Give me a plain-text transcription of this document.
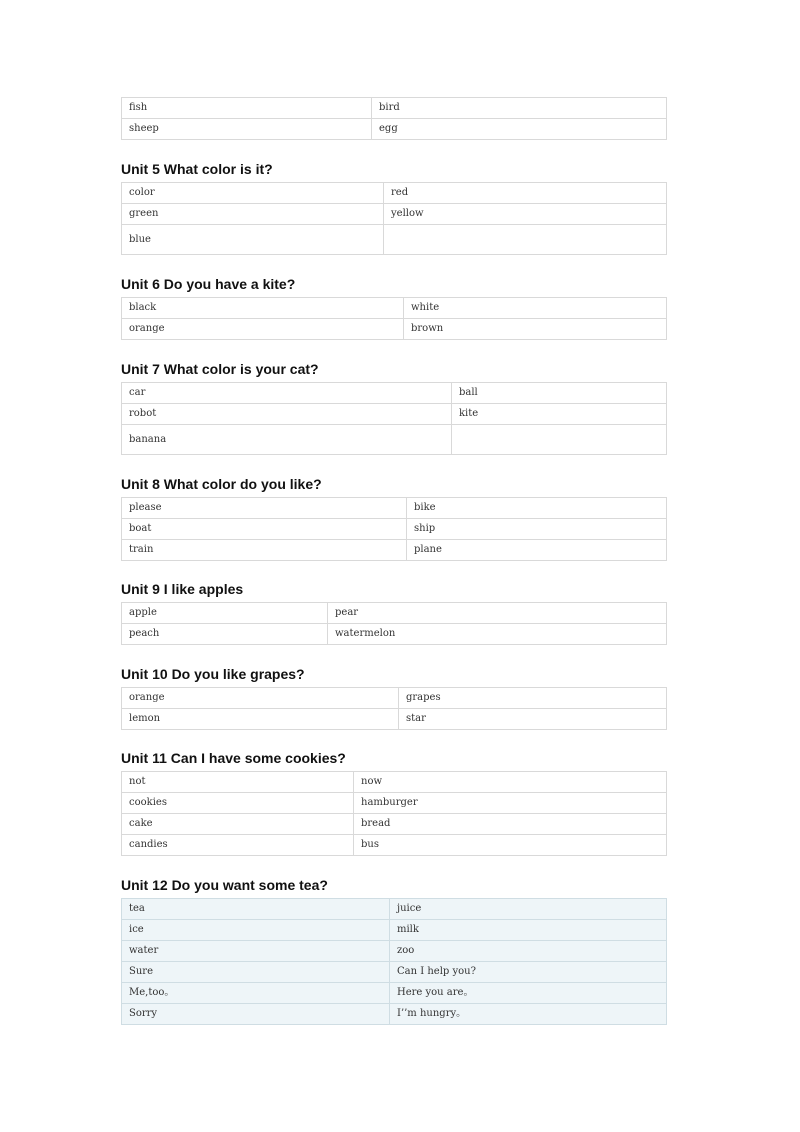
fish	bird
sheep	egg
Unit 5 What color is it?
color	red
green	yellow
blue	
Unit 6 Do you have a kite?
black	white
orange	brown
Unit 7 What color is your cat?
car	ball
robot	kite
banana	
Unit 8 What color do you like?
please	bike
boat	ship
train	plane
Unit 9 I like apples
apple	pear
peach	watermelon
Unit 10 Do you like grapes?
orange	grapes
lemon	star
Unit 11 Can I have some cookies?
not	now
cookies	hamburger
cake	bread
candies	bus
Unit 12 Do you want some tea?
tea	juice
ice	milk
water	zoo
Sure	Can I help you?
Me,too。	Here you are。
Sorry	I’’m hungry。
